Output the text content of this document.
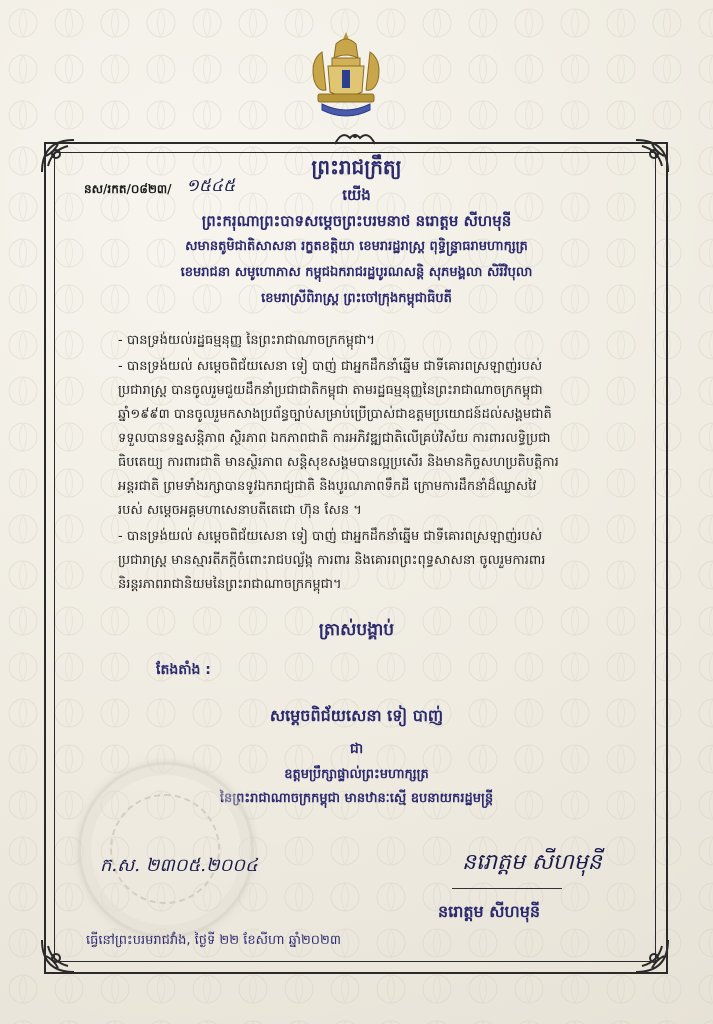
នស/រកត/០៨២៣/ ១៥៤៥
ព្រះរាជក្រឹត្យ
យើង
ព្រះករុណាព្រះបាទសម្តេចព្រះបរមនាថ នរោត្តម សីហមុនី
សមានតូមិជាតិសាសនា រក្ខតខត្តិយា ខេមរារដ្ឋរាស្ត្រ ពុទ្ធិន្ទ្រាធរាមហាក្សត្រ
ខេមរាជនា សមូហោភាស កម្ពុជឯករាជរដ្ឋបូរណសន្តិ សុភមង្គលា សិរីវិបុលា
ខេមរាស្រីពិរាស្ត្រ ព្រះចៅក្រុងកម្ពុជាធិបតី
- បានទ្រង់យល់រដ្ឋធម្មនុញ្ញ នៃព្រះរាជាណាចក្រកម្ពុជា។
- បានទ្រង់យល់ សម្តេចពិជ័យសេនា ទៀ បាញ់ ជាអ្នកដឹកនាំឆ្នើម ជាទីគោរពស្រឡាញ់របស់
ប្រជារាស្ត្រ បានចូលរួមជួយដឹកនាំប្រជាជាតិកម្ពុជា តាមរដ្ឋធម្មនុញ្ញនៃព្រះរាជាណាចក្រកម្ពុជា
ឆ្នាំ១៩៩៣ បានចូលរួមកសាងប្រព័ន្ធច្បាប់សម្រាប់ប្រើប្រាស់ជាឧត្តមប្រយោជន៍ដល់សង្គមជាតិ
ទទួលបានទន្នសន្តិភាព ស្ថិរភាព ឯកភាពជាតិ ការអភិវឌ្ឍជាតិលើគ្រប់វិស័យ ការពារលទ្ធិប្រជា
ធិបតេយ្យ ការពារជាតិ មានស្ថិរភាព សន្តិសុខសង្គមបានល្អប្រសើរ និងមានកិច្ចសហប្រតិបត្តិការ
អន្តរជាតិ ព្រមទាំងរក្សាបានទូវឯករាជ្យជាតិ និងបូរណភាពទឹកដី ក្រោមការដឹកនាំដ៏ឈ្លាសវៃ
របស់ សម្តេចអគ្គមហាសេនាបតីតេជោ ហ៊ុន សែន ។
- បានទ្រង់យល់ សម្តេចពិជ័យសេនា ទៀ បាញ់ ជាអ្នកដឹកនាំឆ្នើម ជាទីគោរពស្រឡាញ់របស់
ប្រជារាស្ត្រ មានស្មារតីភក្តីចំពោះរាជបល្ល័ង្ក ការពារ និងគោរពព្រះពុទ្ធសាសនា ចូលរួមការពារ
និរន្តរភាពរាជានិយមនៃព្រះរាជាណាចក្រកម្ពុជា។
ត្រាស់បង្គាប់
តែងតាំង :
សម្តេចពិជ័យសេនា ទៀ បាញ់
ជា
ឧត្តមប្រឹក្សាផ្ទាល់ព្រះមហាក្សត្រ
នៃព្រះរាជាណាចក្រកម្ពុជា មានឋានៈស្មើ ឧបនាយករដ្ឋមន្ត្រី
ក.ស. ២៣០៥.២០០៤	នរោត្តម សីហមុនី
នរោត្តម សីហមុនី
ធ្វើនៅព្រះបរមរាជវាំង, ថ្ងៃទី ២២ ខែសីហា ឆ្នាំ២០២៣
